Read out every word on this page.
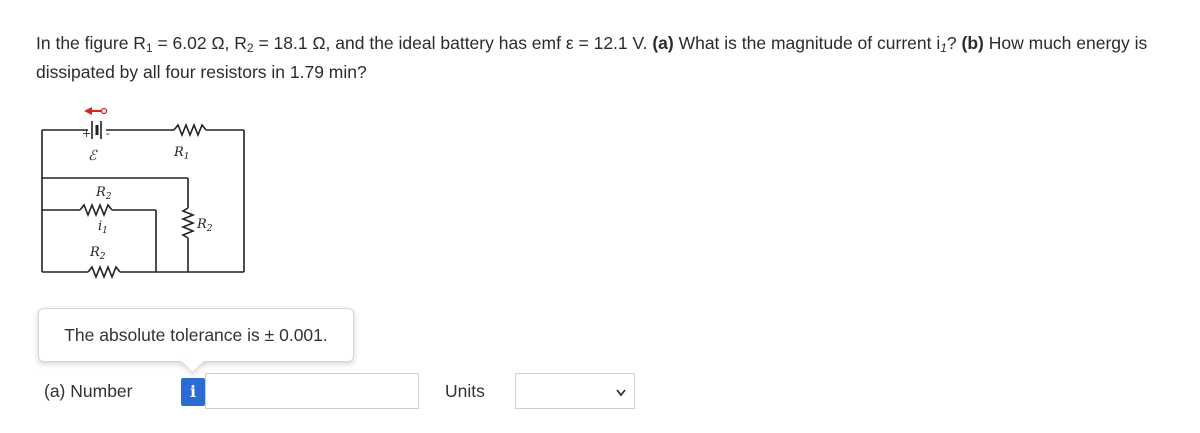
In the figure $R_1 = 6.02$ Ω, $R_2 = 18.1$ Ω, and the ideal battery has emf ε = 12.1 V. (a) What is the magnitude of current $i_1$? (b) How much energy is dissipated by all four resistors in 1.79 min?
+ -
ℰ	$R_1$
$R_2$
$R_2$
$i_1$
$R_2$
The absolute tolerance is ± 0.001.
(a) Number	i	Units
